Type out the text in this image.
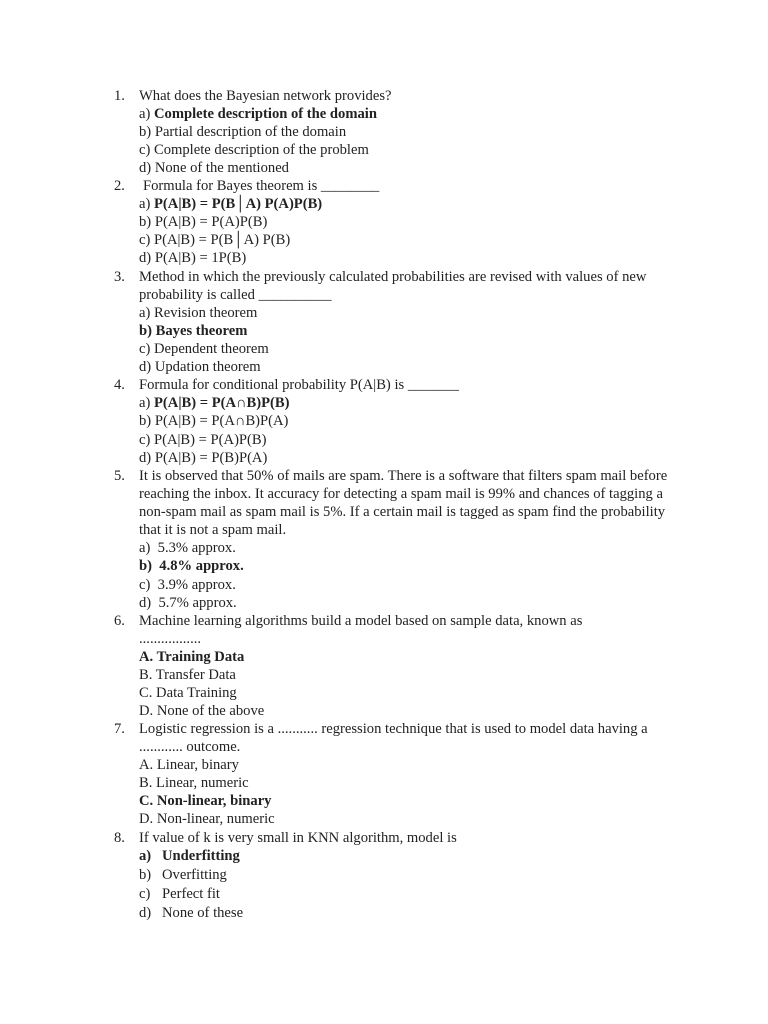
1. What does the Bayesian network provides?
a) Complete description of the domain
b) Partial description of the domain
c) Complete description of the problem
d) None of the mentioned
2.	Formula for Bayes theorem is ________
a) P(A|B) = P(B│A) P(A)P(B)
b) P(A|B) = P(A)P(B)
c) P(A|B) = P(B│A) P(B)
d) P(A|B) = 1P(B)
3. Method in which the previously calculated probabilities are revised with values of new probability is called __________
a) Revision theorem
b) Bayes theorem
c) Dependent theorem
d) Updation theorem
4. Formula for conditional probability P(A|B) is _______
a) P(A|B) = P(A∩B)P(B)
b) P(A|B) = P(A∩B)P(A)
c) P(A|B) = P(A)P(B)
d) P(A|B) = P(B)P(A)
5. It is observed that 50% of mails are spam. There is a software that filters spam mail before reaching the inbox. It accuracy for detecting a spam mail is 99% and chances of tagging a non-spam mail as spam mail is 5%. If a certain mail is tagged as spam find the probability that it is not a spam mail.
a) 5.3% approx.
b) 4.8% approx.
c) 3.9% approx.
d) 5.7% approx.
6. Machine learning algorithms build a model based on sample data, known as .................
A. Training Data
B. Transfer Data
C. Data Training
D. None of the above
7. Logistic regression is a ........... regression technique that is used to model data having a ............ outcome.
A. Linear, binary
B. Linear, numeric
C. Non-linear, binary
D. Non-linear, numeric
8. If value of k is very small in KNN algorithm, model is
a) Underfitting
b) Overfitting
c) Perfect fit
d) None of these
